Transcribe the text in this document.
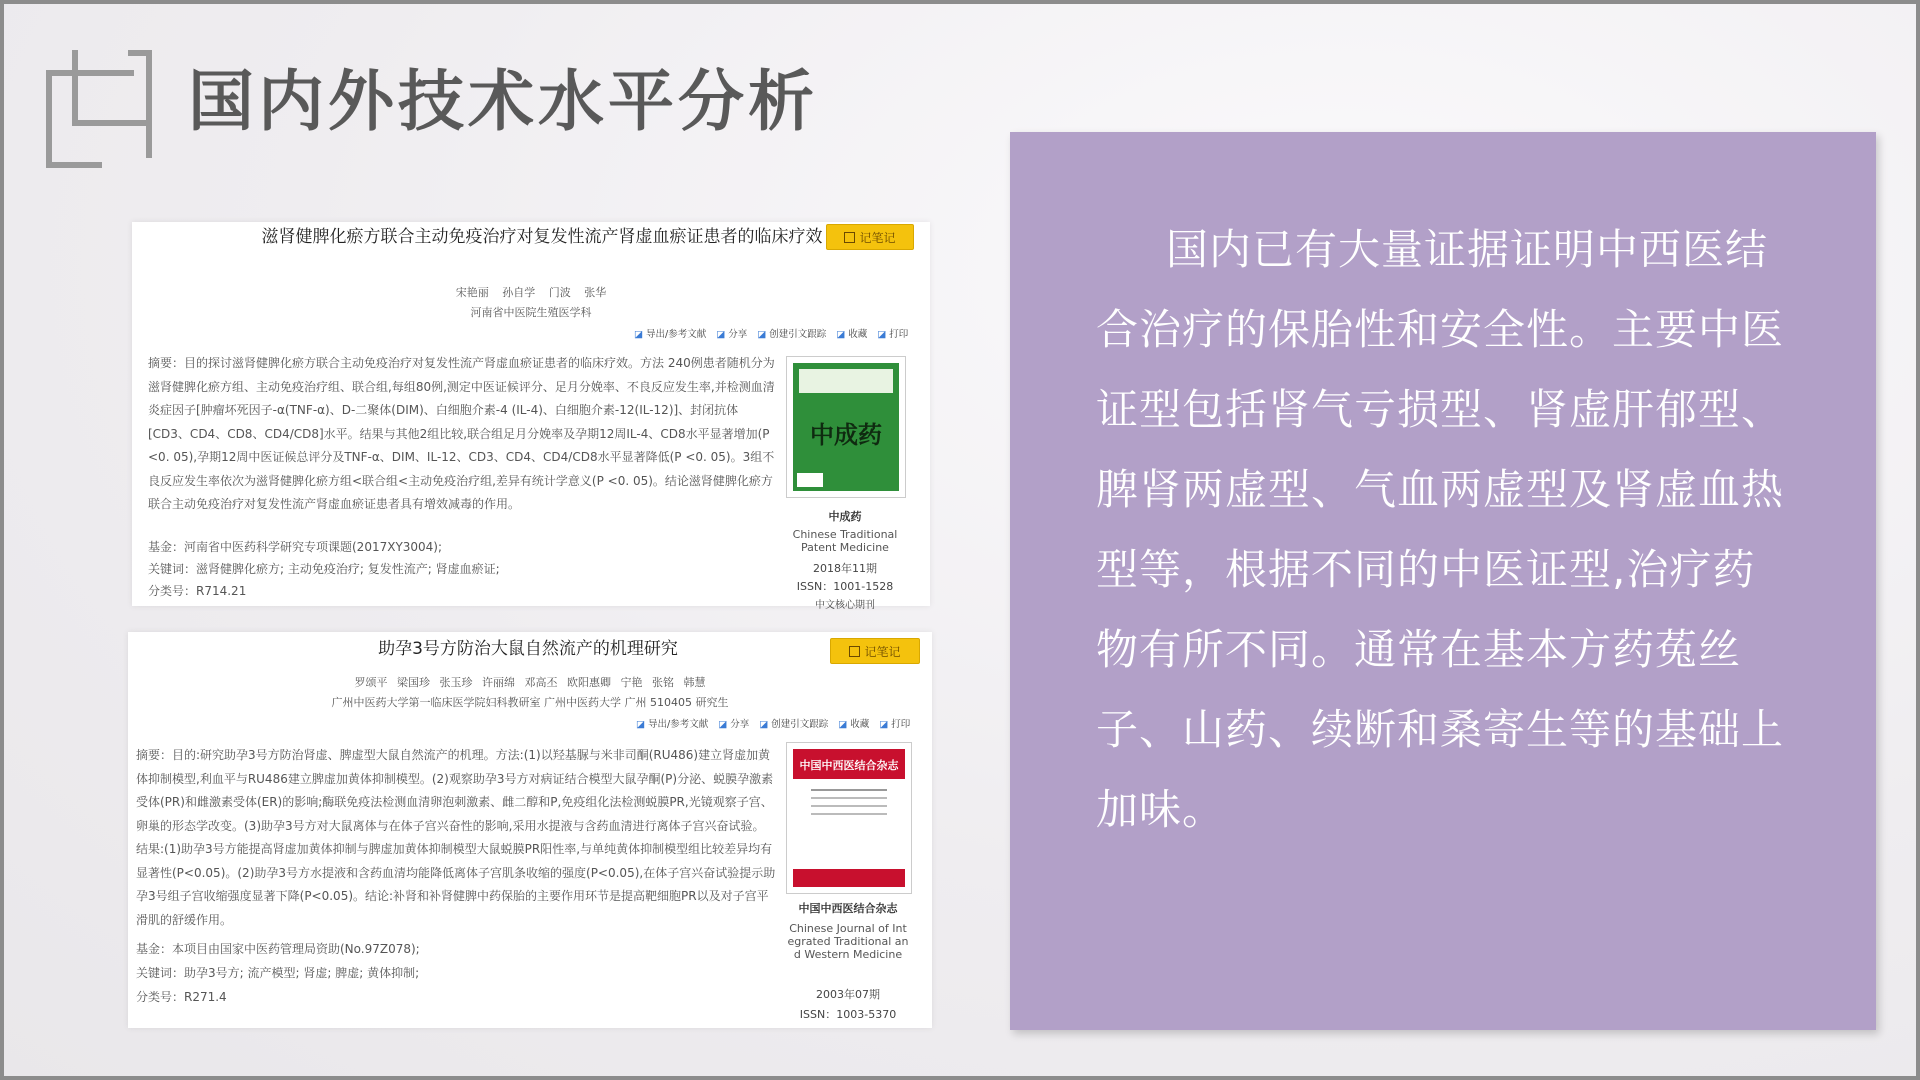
国内外技术水平分析
滋肾健脾化瘀方联合主动免疫治疗对复发性流产肾虚血瘀证患者的临床疗效	记笔记
宋艳丽 孙自学 门波 张华
河南省中医院生殖医学科
◪ 导出/参考文献	◪ 分享	◪ 创建引文跟踪	◪ 收藏	◪ 打印
摘要：目的探讨滋肾健脾化瘀方联合主动免疫治疗对复发性流产肾虚血瘀证患者的临床疗效。方法 240例患者随机分为滋肾健脾化瘀方组、主动免疫治疗组、联合组,每组80例,测定中医证候评分、足月分娩率、不良反应发生率,并检测血清炎症因子[肿瘤坏死因子-α(TNF-α)、D-二聚体(DIM)、白细胞介素-4 (IL-4)、白细胞介素-12(IL-12)]、封闭抗体[CD3、CD4、CD8、CD4/CD8]水平。结果与其他2组比较,联合组足月分娩率及孕期12周IL-4、CD8水平显著增加(P <0. 05),孕期12周中医证候总评分及TNF-α、DIM、IL-12、CD3、CD4、CD4/CD8水平显著降低(P <0. 05)。3组不良反应发生率依次为滋肾健脾化瘀方组<联合组<主动免疫治疗组,差异有统计学意义(P <0. 05)。结论滋肾健脾化瘀方联合主动免疫治疗对复发性流产肾虚血瘀证患者具有增效减毒的作用。
基金：河南省中医药科学研究专项课题(2017XY3004);
关键词：滋肾健脾化瘀方; 主动免疫治疗; 复发性流产; 肾虚血瘀证;
分类号：R714.21
中成药
中成药
Chinese Traditional Patent Medicine
2018年11期
ISSN：1001-1528
中文核心期刊
助孕3号方防治大鼠自然流产的机理研究	记笔记
罗颂平 梁国珍 张玉珍 许丽绵 邓高丕 欧阳惠卿 宁艳 张铭 韩慧
广州中医药大学第一临床医学院妇科教研室 广州中医药大学 广州 510405 研究生
◪ 导出/参考文献	◪ 分享	◪ 创建引文跟踪	◪ 收藏	◪ 打印
摘要：目的:研究助孕3号方防治肾虚、脾虚型大鼠自然流产的机理。方法:(1)以羟基脲与米非司酮(RU486)建立肾虚加黄体抑制模型,利血平与RU486建立脾虚加黄体抑制模型。(2)观察助孕3号方对病证结合模型大鼠孕酮(P)分泌、蜕膜孕激素受体(PR)和雌激素受体(ER)的影响;酶联免疫法检测血清卵泡刺激素、雌二醇和P,免疫组化法检测蜕膜PR,光镜观察子宫、卵巢的形态学改变。(3)助孕3号方对大鼠离体与在体子宫兴奋性的影响,采用水提液与含药血清进行离体子宫兴奋试验。结果:(1)助孕3号方能提高肾虚加黄体抑制与脾虚加黄体抑制模型大鼠蜕膜PR阳性率,与单纯黄体抑制模型组比较差异均有显著性(P<0.05)。(2)助孕3号方水提液和含药血清均能降低离体子宫肌条收缩的强度(P<0.05),在体子宫兴奋试验提示助孕3号组子宫收缩强度显著下降(P<0.05)。结论:补肾和补肾健脾中药保胎的主要作用环节是提高靶细胞PR以及对子宫平滑肌的舒缓作用。
基金：本项目由国家中医药管理局资助(No.97Z078);
关键词：助孕3号方; 流产模型; 肾虚; 脾虚; 黄体抑制;
分类号：R271.4
中国中西医结合杂志
中国中西医结合杂志
Chinese Journal of Integrated Traditional and Western Medicine
2003年07期
ISSN：1003-5370

国内已有大量证据证明中西医结合治疗的保胎性和安全性。主要中医证型包括肾气亏损型、肾虚肝郁型、脾肾两虚型、气血两虚型及肾虚血热型等，根据不同的中医证型,治疗药物有所不同。通常在基本方药菟丝子、山药、续断和桑寄生等的基础上加味。
